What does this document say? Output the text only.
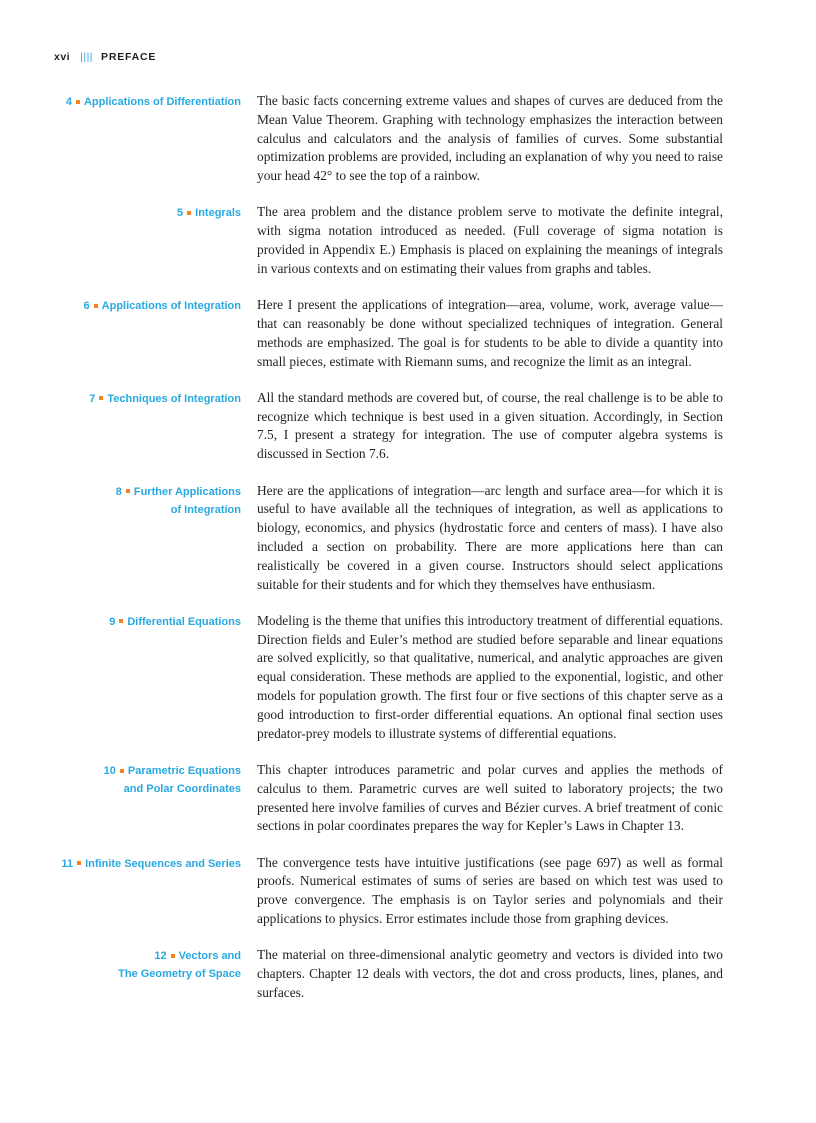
xvi |||| PREFACE
4 Applications of Differentiation The basic facts concerning extreme values and shapes of curves are deduced from the Mean Value Theorem. Graphing with technology emphasizes the interaction between calculus and calculators and the analysis of families of curves. Some substantial optimization problems are provided, including an explanation of why you need to raise your head 42° to see the top of a rainbow.
5 Integrals The area problem and the distance problem serve to motivate the definite integral, with sigma notation introduced as needed. (Full coverage of sigma notation is provided in Appendix E.) Emphasis is placed on explaining the meanings of integrals in various contexts and on estimating their values from graphs and tables.
6 Applications of Integration Here I present the applications of integration—area, volume, work, average value—that can reasonably be done without specialized techniques of integration. General methods are emphasized. The goal is for students to be able to divide a quantity into small pieces, estimate with Riemann sums, and recognize the limit as an integral.
7 Techniques of Integration All the standard methods are covered but, of course, the real challenge is to be able to recognize which technique is best used in a given situation. Accordingly, in Section 7.5, I present a strategy for integration. The use of computer algebra systems is discussed in Section 7.6.
8 Further Applications
of Integration
Here are the applications of integration—arc length and surface area—for which it is useful to have available all the techniques of integration, as well as applications to biology, economics, and physics (hydrostatic force and centers of mass). I have also included a section on probability. There are more applications here than can realistically be covered in a given course. Instructors should select applications suitable for their students and for which they themselves have enthusiasm.
9 Differential Equations Modeling is the theme that unifies this introductory treatment of differential equations. Direction fields and Euler’s method are studied before separable and linear equations are solved explicitly, so that qualitative, numerical, and analytic approaches are given equal consideration. These methods are applied to the exponential, logistic, and other models for population growth. The first four or five sections of this chapter serve as a good introduction to first-order differential equations. An optional final section uses predator-prey models to illustrate systems of differential equations.
10 Parametric Equations
and Polar Coordinates
This chapter introduces parametric and polar curves and applies the methods of calculus to them. Parametric curves are well suited to laboratory projects; the two presented here involve families of curves and Bézier curves. A brief treatment of conic sections in polar coordinates prepares the way for Kepler’s Laws in Chapter 13.
11 Infinite Sequences and Series The convergence tests have intuitive justifications (see page 697) as well as formal proofs. Numerical estimates of sums of series are based on which test was used to prove convergence. The emphasis is on Taylor series and polynomials and their applications to physics. Error estimates include those from graphing devices.
12 Vectors and
The Geometry of Space
The material on three-dimensional analytic geometry and vectors is divided into two chapters. Chapter 12 deals with vectors, the dot and cross products, lines, planes, and surfaces.
